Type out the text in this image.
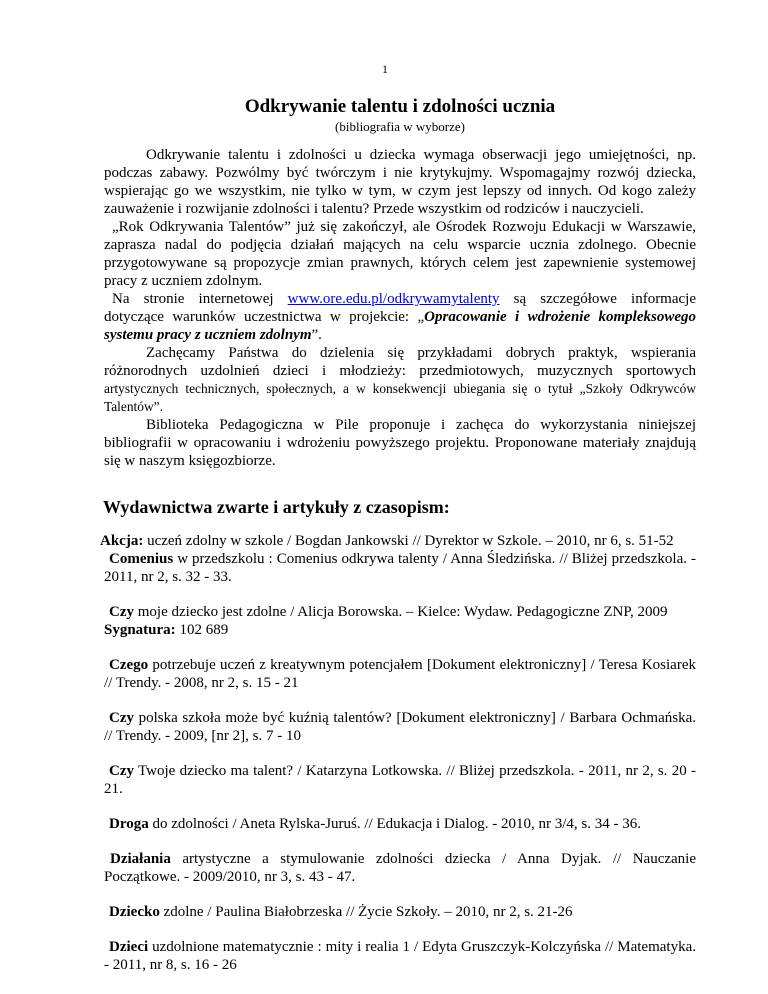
1
Odkrywanie talentu i zdolności ucznia
(bibliografia w wyborze)

Odkrywanie talentu i zdolności u dziecka wymaga obserwacji jego umiejętności, np. podczas zabawy. Pozwólmy być twórczym i nie krytykujmy. Wspomagajmy rozwój dziecka, wspierając go we wszystkim, nie tylko w tym, w czym jest lepszy od innych. Od kogo zależy zauważenie i rozwijanie zdolności i talentu? Przede wszystkim od rodziców i nauczycieli.

„Rok Odkrywania Talentów” już się zakończył, ale Ośrodek Rozwoju Edukacji w Warszawie, zaprasza nadal do podjęcia działań mających na celu wsparcie ucznia zdolnego. Obecnie przygotowywane są propozycje zmian prawnych, których celem jest zapewnienie systemowej pracy z uczniem zdolnym.

Na stronie internetowej www.ore.edu.pl/odkrywamytalenty są szczegółowe informacje dotyczące warunków uczestnictwa w projekcie: „Opracowanie i wdrożenie kompleksowego systemu pracy z uczniem zdolnym”.

Zachęcamy Państwa do dzielenia się przykładami dobrych praktyk, wspierania różnorodnych uzdolnień dzieci i młodzieży: przedmiotowych, muzycznych sportowych artystycznych technicznych, społecznych, a w konsekwencji ubiegania się o tytuł „Szkoły Odkrywców Talentów”.

Biblioteka Pedagogiczna w Pile proponuje i zachęca do wykorzystania niniejszej bibliografii w opracowaniu i wdrożeniu powyższego projektu. Proponowane materiały znajdują się w naszym księgozbiorze.

Wydawnictwa zwarte i artykuły z czasopism:

Akcja: uczeń zdolny w szkole / Bogdan Jankowski // Dyrektor w Szkole. – 2010, nr 6, s. 51-52

Comenius w przedszkolu : Comenius odkrywa talenty / Anna Śledzińska. // Bliżej przedszkola. - 2011, nr 2, s. 32 - 33.

Czy moje dziecko jest zdolne / Alicja Borowska. – Kielce: Wydaw. Pedagogiczne ZNP, 2009
Sygnatura: 102 689

Czego potrzebuje uczeń z kreatywnym potencjałem [Dokument elektroniczny] / Teresa Kosiarek // Trendy. - 2008, nr 2, s. 15 - 21

Czy polska szkoła może być kuźnią talentów? [Dokument elektroniczny] / Barbara Ochmańska. // Trendy. - 2009, [nr 2], s. 7 - 10

Czy Twoje dziecko ma talent? / Katarzyna Lotkowska. // Bliżej przedszkola. - 2011, nr 2, s. 20 - 21.

Droga do zdolności / Aneta Rylska-Juruś. // Edukacja i Dialog. - 2010, nr 3/4, s. 34 - 36.

Działania artystyczne a stymulowanie zdolności dziecka / Anna Dyjak. // Nauczanie Początkowe. - 2009/2010, nr 3, s. 43 - 47.

Dziecko zdolne / Paulina Białobrzeska // Życie Szkoły. – 2010, nr 2, s. 21-26

Dzieci uzdolnione matematycznie : mity i realia 1 / Edyta Gruszczyk-Kolczyńska // Matematyka. - 2011, nr 8, s. 16 - 26
